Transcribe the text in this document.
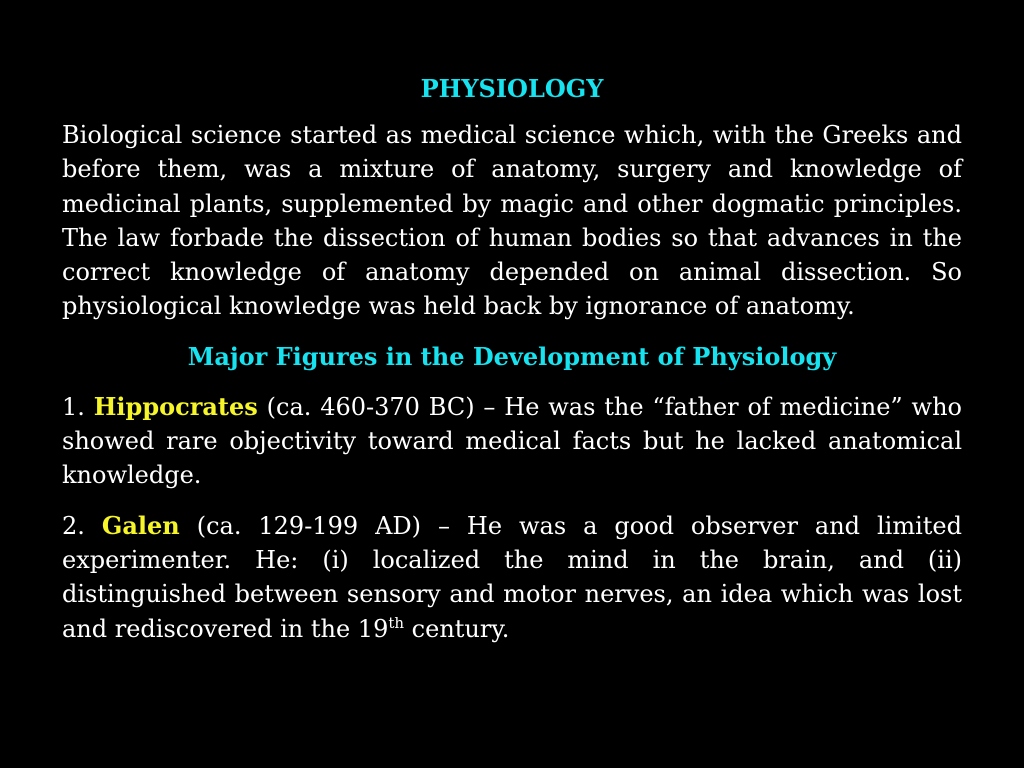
PHYSIOLOGY
Biological science started as medical science which, with the Greeks and before them, was a mixture of anatomy, surgery and knowledge of medicinal plants, supplemented by magic and other dogmatic principles. The law forbade the dissection of human bodies so that advances in the correct knowledge of anatomy depended on animal dissection. So physiological knowledge was held back by ignorance of anatomy.
Major Figures in the Development of Physiology
1. Hippocrates (ca. 460-370 BC) – He was the “father of medicine” who showed rare objectivity toward medical facts but he lacked anatomical knowledge.
2. Galen (ca. 129-199 AD) – He was a good observer and limited experimenter. He: (i) localized the mind in the brain, and (ii) distinguished between sensory and motor nerves, an idea which was lost and rediscovered in the 19th century.
